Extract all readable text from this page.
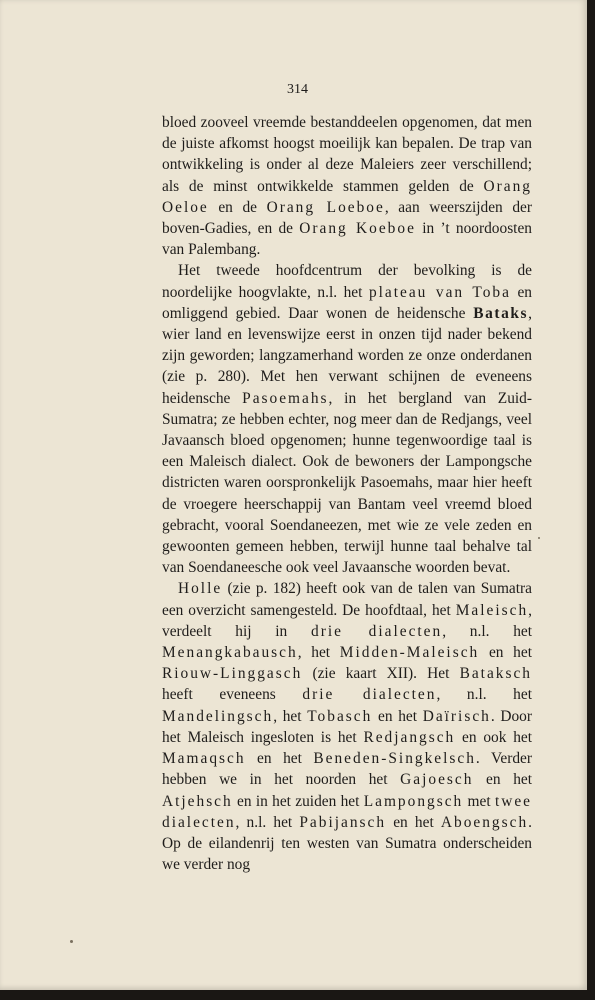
314

bloed zooveel vreemde bestanddeelen opgenomen, dat men de juiste afkomst hoogst moeilijk kan bepalen. De trap van ontwikkeling is onder al deze Maleiers zeer verschillend; als de minst ontwikkelde stammen gelden de Orang Oeloe en de Orang Loeboe, aan weerszijden der boven-Gadies, en de Orang Koeboe in ’t noordoosten van Palembang.

Het tweede hoofdcentrum der bevolking is de noordelijke hoogvlakte, n.l. het plateau van Toba en omliggend gebied. Daar wonen de heidensche Bataks, wier land en levenswijze eerst in onzen tijd nader bekend zijn geworden; langzamerhand worden ze onze onderdanen (zie p. 280). Met hen verwant schijnen de eveneens heidensche Pasoemahs, in het bergland van Zuid-Sumatra; ze hebben echter, nog meer dan de Redjangs, veel Javaansch bloed opgenomen; hunne tegenwoordige taal is een Maleisch dialect. Ook de bewoners der Lampongsche districten waren oorspronkelijk Pasoemahs, maar hier heeft de vroegere heerschappij van Bantam veel vreemd bloed gebracht, vooral Soendaneezen, met wie ze vele zeden en gewoonten gemeen hebben, terwijl hunne taal behalve tal van Soendaneesche ook veel Javaansche woorden bevat.

Holle (zie p. 182) heeft ook van de talen van Sumatra een overzicht samengesteld. De hoofdtaal, het Maleisch, verdeelt hij in drie dialecten, n.l. het Menangkabausch, het Midden-Maleisch en het Riouw-Linggasch (zie kaart XII). Het Bataksch heeft eveneens drie dialecten, n.l. het Mandelingsch, het Tobasch en het Daïrisch. Door het Maleisch ingesloten is het Redjangsch en ook het Mamaqsch en het Beneden-Singkelsch. Verder hebben we in het noorden het Gajoesch en het Atjehsch en in het zuiden het Lampongsch met twee dialecten, n.l. het Pabijansch en het Aboengsch. Op de eilandenrij ten westen van Sumatra onderscheiden we verder nog
